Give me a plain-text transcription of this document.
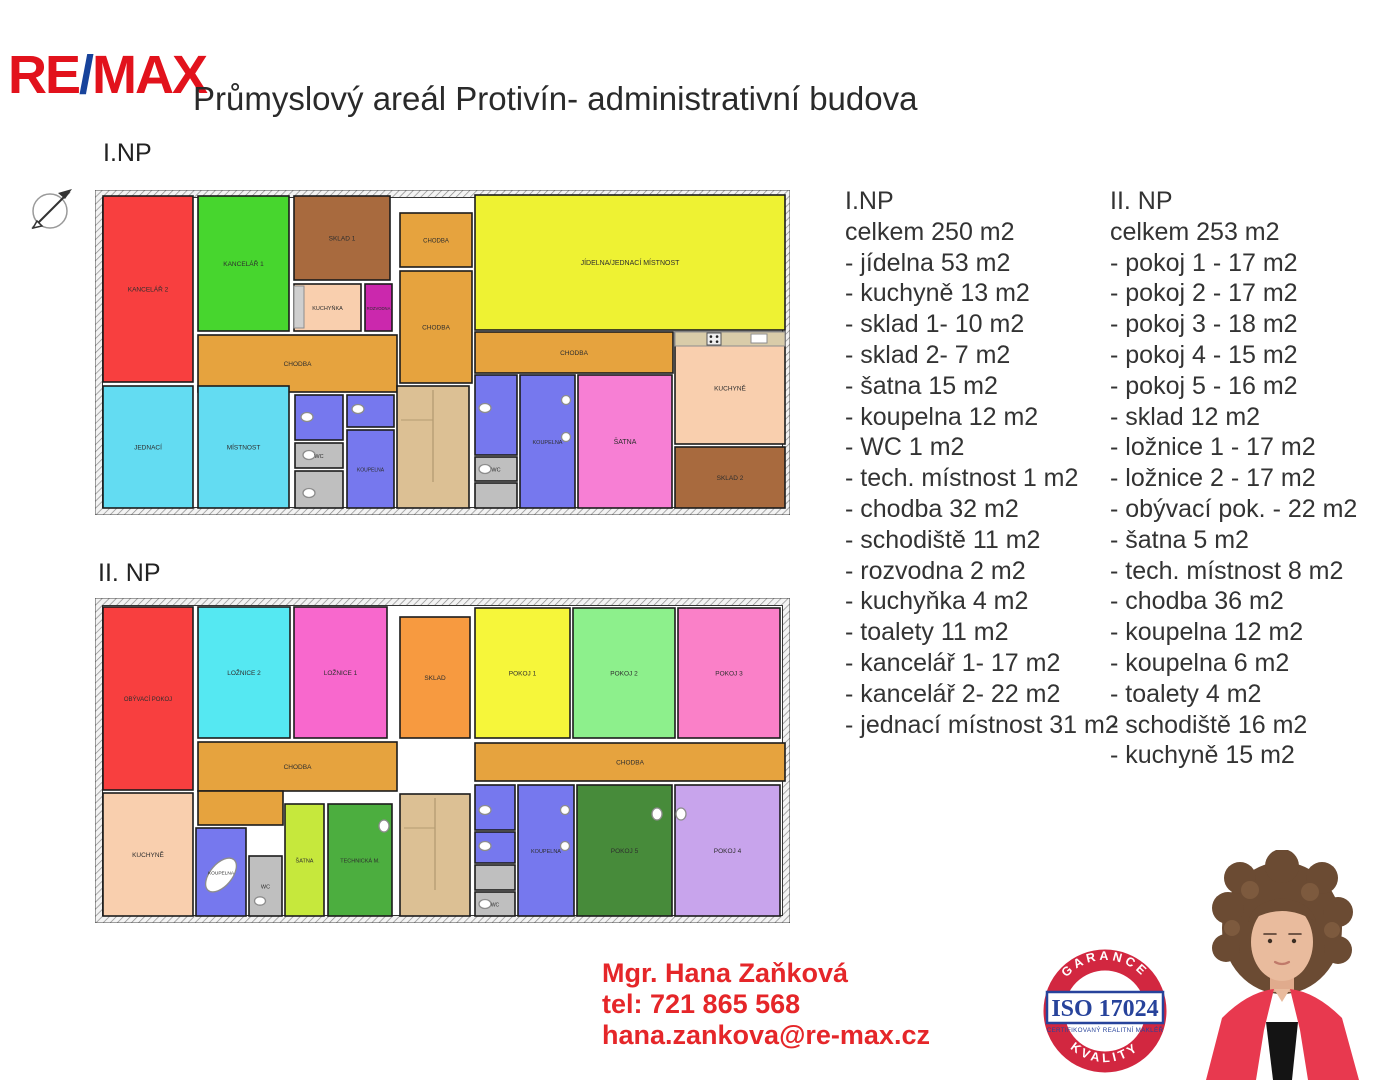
RE/MAX
Průmyslový areál Protivín- administrativní budova
I.NP
II. NP
KANCELÁŘ 2
KANCELÁŘ 1
SKLAD 1
KUCHYŇKA	ROZVODNA
CHODBA
CHODBA
CHODBA
CHODBA
JEDNACÍ	MÍSTNOST
WC
KOUPELNA
JÍDELNA/JEDNACÍ MÍSTNOST
WC
KOUPELNA	ŠATNA
KUCHYNĚ
SKLAD 2
OBÝVACÍ POKOJ
LOŽNICE 2	LOŽNICE 1
SKLAD
CHODBA
CHODBA
KUCHYNĚ
KOUPELNA
WC
ŠATNA	TECHNICKÁ M.
POKOJ 1	POKOJ 2	POKOJ 3
WC
KOUPELNA	POKOJ 5	POKOJ 4
I.NP
celkem 250 m2
- jídelna 53 m2
- kuchyně 13 m2
- sklad 1- 10 m2
- sklad 2- 7 m2
- šatna 15 m2
- koupelna 12 m2
- WC 1 m2
- tech. místnost 1 m2
- chodba 32 m2
- schodiště 11 m2
- rozvodna 2 m2
- kuchyňka 4 m2
- toalety 11 m2
- kancelář 1- 17 m2
- kancelář 2- 22 m2
- jednací místnost 31 m2
II. NP
celkem 253 m2
- pokoj 1 - 17 m2
- pokoj 2 - 17 m2
- pokoj 3 - 18 m2
- pokoj 4 - 15 m2
- pokoj 5 - 16 m2
- sklad 12 m2
- ložnice 1 - 17 m2
- ložnice 2 - 17 m2
- obývací pok. - 22 m2
- šatna 5 m2
- tech. místnost 8 m2
- chodba 36 m2
- koupelna 12 m2
- koupelna 6 m2
- toalety 4 m2
- schodiště 16 m2
- kuchyně 15 m2
Mgr. Hana Zaňková
tel: 721 865 568
hana.zankova@re-max.cz
GARANCE
KVALITY
ISO 17024
CERTIFIKOVANÝ REALITNÍ MAKLÉŘ
